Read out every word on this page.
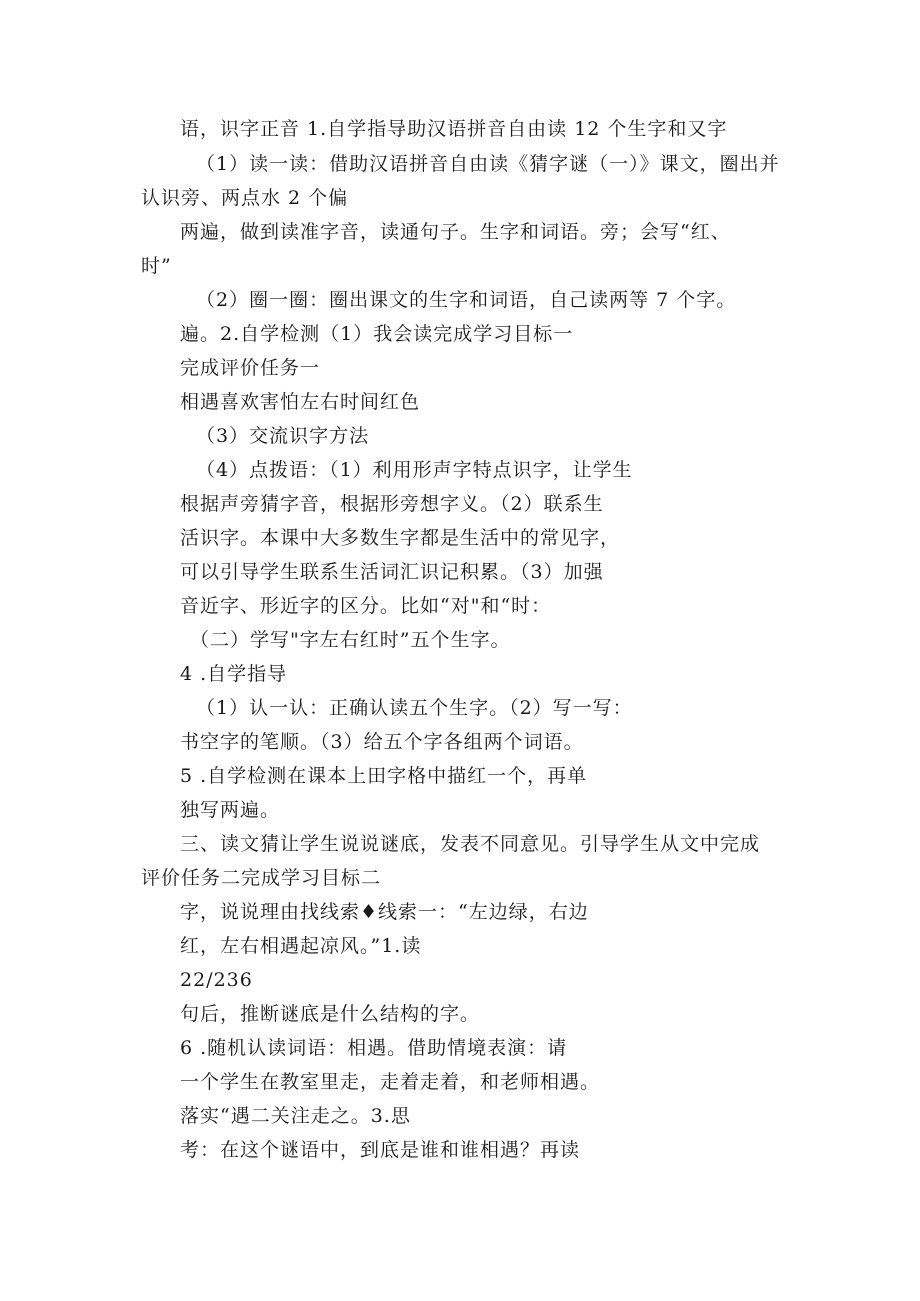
语，识字正音 1.自学指导助汉语拼音自由读 12 个生字和又字
（1）读一读：借助汉语拼音自由读《猜字谜（一）》课文，圈出并
认识旁、两点水 2 个偏
两遍，做到读准字音，读通句子。生字和词语。旁；会写“红、
时”
（2）圈一圈：圈出课文的生字和词语，自己读两等 7 个字。
遍。2.自学检测（1）我会读完成学习目标一
完成评价任务一
相遇喜欢害怕左右时间红色
（3）交流识字方法
（4）点拨语：（1）利用形声字特点识字，让学生
根据声旁猜字音，根据形旁想字义。（2）联系生
活识字。本课中大多数生字都是生活中的常见字，
可以引导学生联系生活词汇识记积累。（3）加强
音近字、形近字的区分。比如“对"和“时：
（二）学写"字左右红时”五个生字。
4 .自学指导
（1）认一认：正确认读五个生字。（2）写一写：
书空字的笔顺。（3）给五个字各组两个词语。
5 .自学检测在课本上田字格中描红一个，再单
独写两遍。
三、读文猜让学生说说谜底，发表不同意见。引导学生从文中完成
评价任务二完成学习目标二
字，说说理由找线索♦线索一：“左边绿，右边
红，左右相遇起凉风。”1.读
22/236
句后，推断谜底是什么结构的字。
6 .随机认读词语：相遇。借助情境表演：请
一个学生在教室里走，走着走着，和老师相遇。
落实“遇二关注走之。3.思
考：在这个谜语中，到底是谁和谁相遇？再读
